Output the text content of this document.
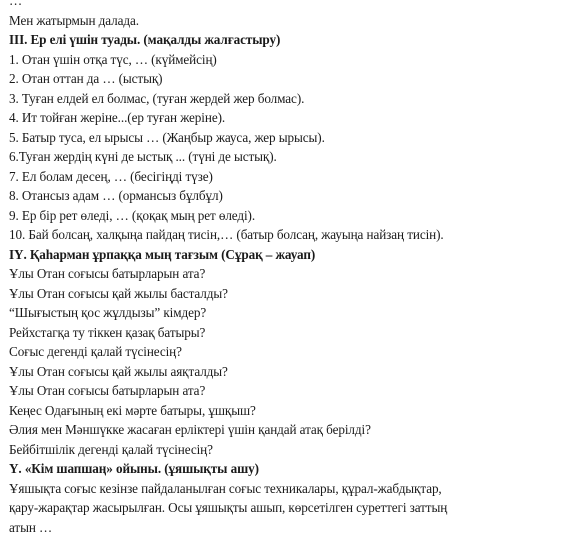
…
Мен жатырмын далада.
III. Ер елі үшін туады. (мақалды жалғастыру)
1. Отан үшін отқа түс, … (күймейсің)
2. Отан оттан да … (ыстық)
3. Туған елдей ел болмас, (туған жердей жер болмас).
4. Ит тойған жеріне...(ер туған жеріне).
5. Батыр туса, ел ырысы … (Жаңбыр жауса, жер ырысы).
6.Туған жердің күні де ыстық ... (түні де ыстық).
7. Ел болам десең, … (бесігіңді түзе)
8. Отансыз адам … (ормансыз бұлбұл)
9. Ер бір рет өледі, … (қоқақ мың рет өледі).
10. Бай болсаң, халқыңа пайдаң тисін,… (батыр болсаң, жауыңа найзаң тисін).
ІҮ. Қаһарман ұрпаққа мың тағзым (Сұрақ – жауап)
Ұлы Отан соғысы батырларын ата?
Ұлы Отан соғысы қай жылы басталды?
“Шығыстың қос жұлдызы” кімдер?
Рейхстагқа ту тіккен қазақ батыры?
Соғыс дегенді қалай түсінесің?
Ұлы Отан соғысы қай жылы аяқталды?
Ұлы Отан соғысы батырларын ата?
Кеңес Одағының екі мәрте батыры, ұшқыш?
Әлия мен Мәншүкке жасаған ерліктері үшін қандай атақ берілді?
Бейбітшілік дегенді қалай түсінесің?
Ү. «Кім шапшаң» ойыны. (ұяшықты ашу)
Ұяшықта соғыс кезінзе пайдаланылған соғыс техникалары, құрал-жабдықтар,
қару-жарақтар жасырылған. Осы ұяшықты ашып, көрсетілген суреттегі заттың
атын …
